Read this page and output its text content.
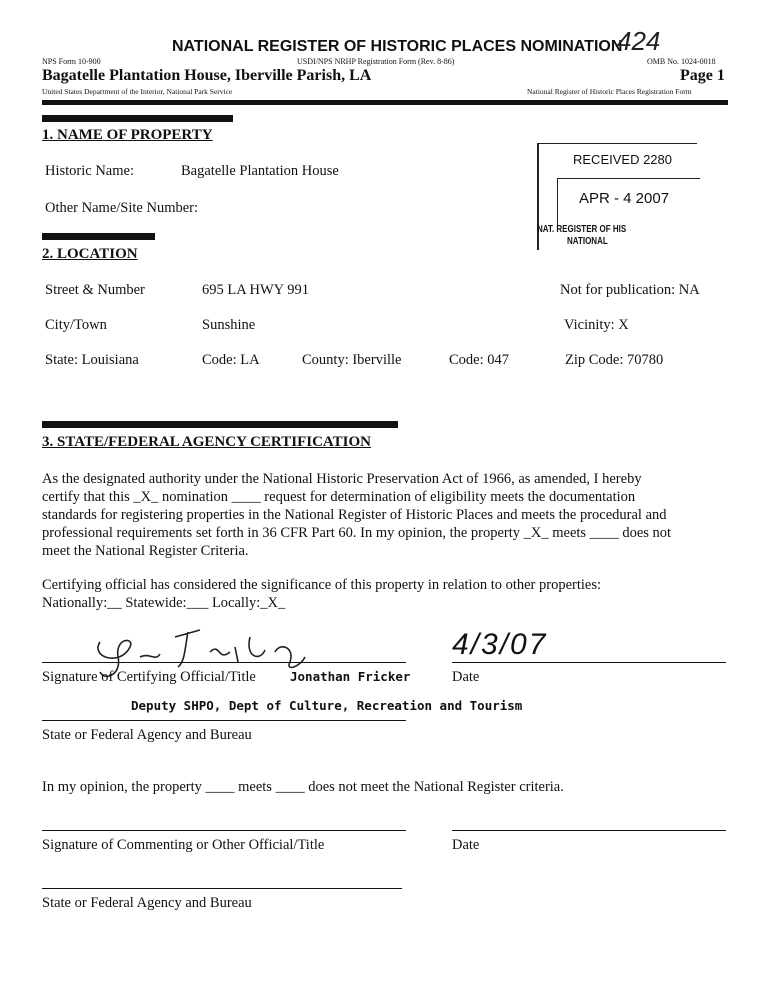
NATIONAL REGISTER OF HISTORIC PLACES NOMINATION
424
NPS Form 10-900	USDI/NPS NRHP Registration Form (Rev. 8-86)	OMB No. 1024-0018
Bagatelle Plantation House, Iberville Parish, LA	Page 1
United States Department of the Interior, National Park Service	National Register of Historic Places Registration Form
RECEIVED 2280
APR - 4 2007
NAT. REGISTER OF HIS
NATIONAL
1. NAME OF PROPERTY
Historic Name:	Bagatelle Plantation House
Other Name/Site Number:
2. LOCATION
Street & Number	695 LA HWY 991	Not for publication: NA
City/Town	Sunshine	Vicinity: X
State: Louisiana	Code: LA	County: Iberville	Code: 047	Zip Code: 70780
3. STATE/FEDERAL AGENCY CERTIFICATION
As the designated authority under the National Historic Preservation Act of 1966, as amended, I hereby
certify that this _X_ nomination ____ request for determination of eligibility meets the documentation
standards for registering properties in the National Register of Historic Places and meets the procedural and
professional requirements set forth in 36 CFR Part 60. In my opinion, the property _X_ meets ____ does not
meet the National Register Criteria.
Certifying official has considered the significance of this property in relation to other properties:
Nationally:__ Statewide:___ Locally:_X_
4/3/07
Signature of Certifying Official/Title	Jonathan Fricker	Date
Deputy SHPO, Dept of Culture, Recreation and Tourism
State or Federal Agency and Bureau
In my opinion, the property ____ meets ____ does not meet the National Register criteria.
Signature of Commenting or Other Official/Title	Date
State or Federal Agency and Bureau
